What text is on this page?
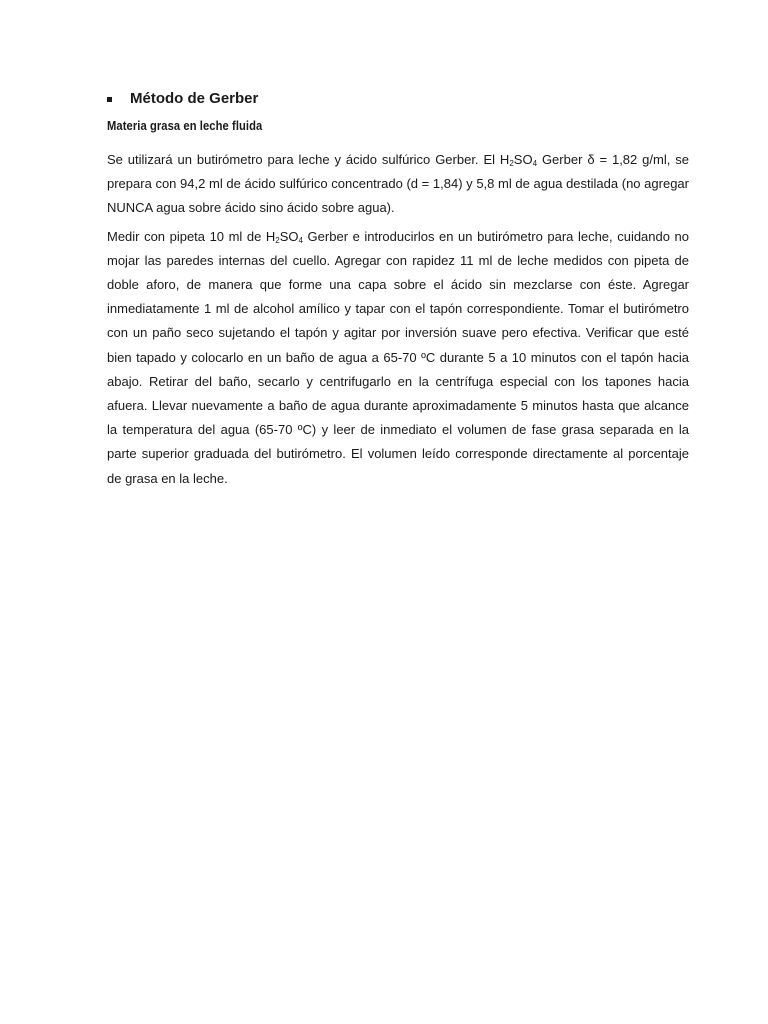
Método de Gerber
Materia grasa en leche fluida

Se utilizará un butirómetro para leche y ácido sulfúrico Gerber. El $H_2SO_4$ Gerber δ = 1,82 g/ml, se prepara con 94,2 ml de ácido sulfúrico concentrado (d = 1,84) y 5,8 ml de agua destilada (no agregar NUNCA agua sobre ácido sino ácido sobre agua).

Medir con pipeta 10 ml de $H_2SO_4$ Gerber e introducirlos en un butirómetro para leche, cuidando no mojar las paredes internas del cuello. Agregar con rapidez 11 ml de leche medidos con pipeta de doble aforo, de manera que forme una capa sobre el ácido sin mezclarse con éste. Agregar inmediatamente 1 ml de alcohol amílico y tapar con el tapón correspondiente. Tomar el butirómetro con un paño seco sujetando el tapón y agitar por inversión suave pero efectiva. Verificar que esté bien tapado y colocarlo en un baño de agua a 65-70 ºC durante 5 a 10 minutos con el tapón hacia abajo. Retirar del baño, secarlo y centrifugarlo en la centrífuga especial con los tapones hacia afuera. Llevar nuevamente a baño de agua durante aproximadamente 5 minutos hasta que alcance la temperatura del agua (65-70 ºC) y leer de inmediato el volumen de fase grasa separada en la parte superior graduada del butirómetro. El volumen leído corresponde directamente al porcentaje de grasa en la leche.
